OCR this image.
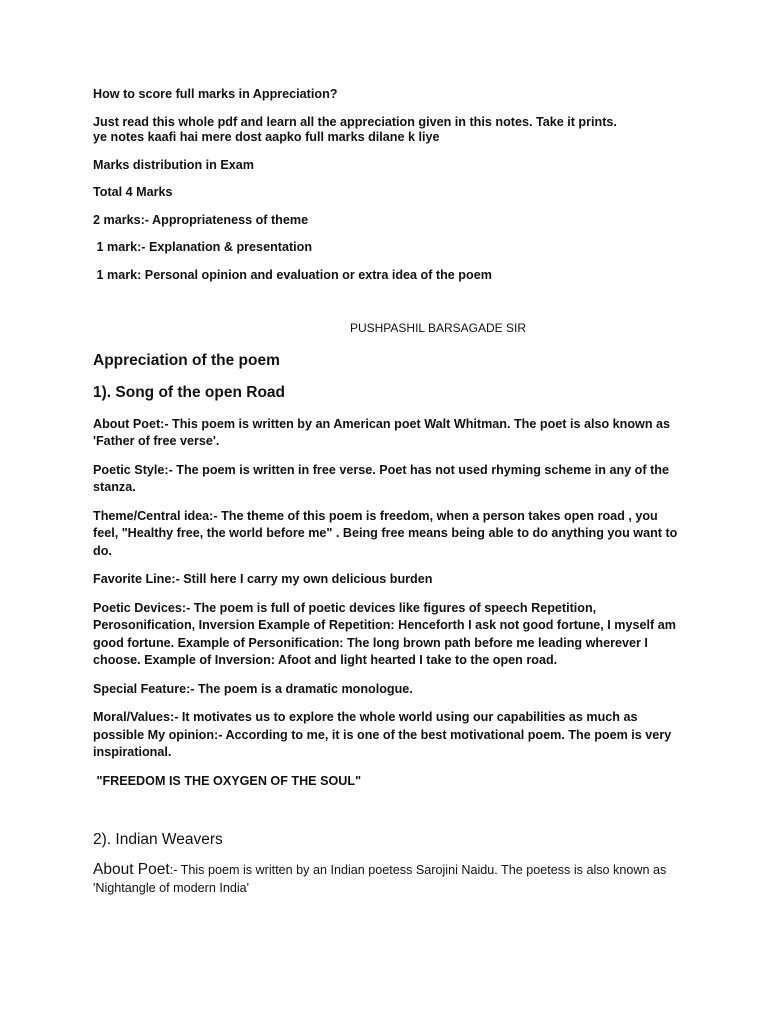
How to score full marks in Appreciation?

Just read this whole pdf and learn all the appreciation given in this notes. Take it prints.

ye notes kaafi hai mere dost aapko full marks dilane k liye

Marks distribution in Exam

Total 4 Marks

2 marks:- Appropriateness of theme

1 mark:- Explanation & presentation

1 mark: Personal opinion and evaluation or extra idea of the poem

PUSHPASHIL BARSAGADE SIR

Appreciation of the poem

1). Song of the open Road

About Poet:- This poem is written by an American poet Walt Whitman. The poet is also known as 'Father of free verse'.

Poetic Style:- The poem is written in free verse. Poet has not used rhyming scheme in any of the stanza.

Theme/Central idea:- The theme of this poem is freedom, when a person takes open road , you feel, "Healthy free, the world before me" . Being free means being able to do anything you want to do.

Favorite Line:- Still here I carry my own delicious burden

Poetic Devices:- The poem is full of poetic devices like figures of speech Repetition, Perosonification, Inversion Example of Repetition: Henceforth I ask not good fortune, I myself am good fortune. Example of Personification: The long brown path before me leading wherever I choose. Example of Inversion: Afoot and light hearted I take to the open road.

Special Feature:- The poem is a dramatic monologue.

Moral/Values:- It motivates us to explore the whole world using our capabilities as much as possible My opinion:- According to me, it is one of the best motivational poem. The poem is very inspirational.

"FREEDOM IS THE OXYGEN OF THE SOUL"

2). Indian Weavers

About Poet:- This poem is written by an Indian poetess Sarojini Naidu. The poetess is also known as 'Nightangle of modern India'
